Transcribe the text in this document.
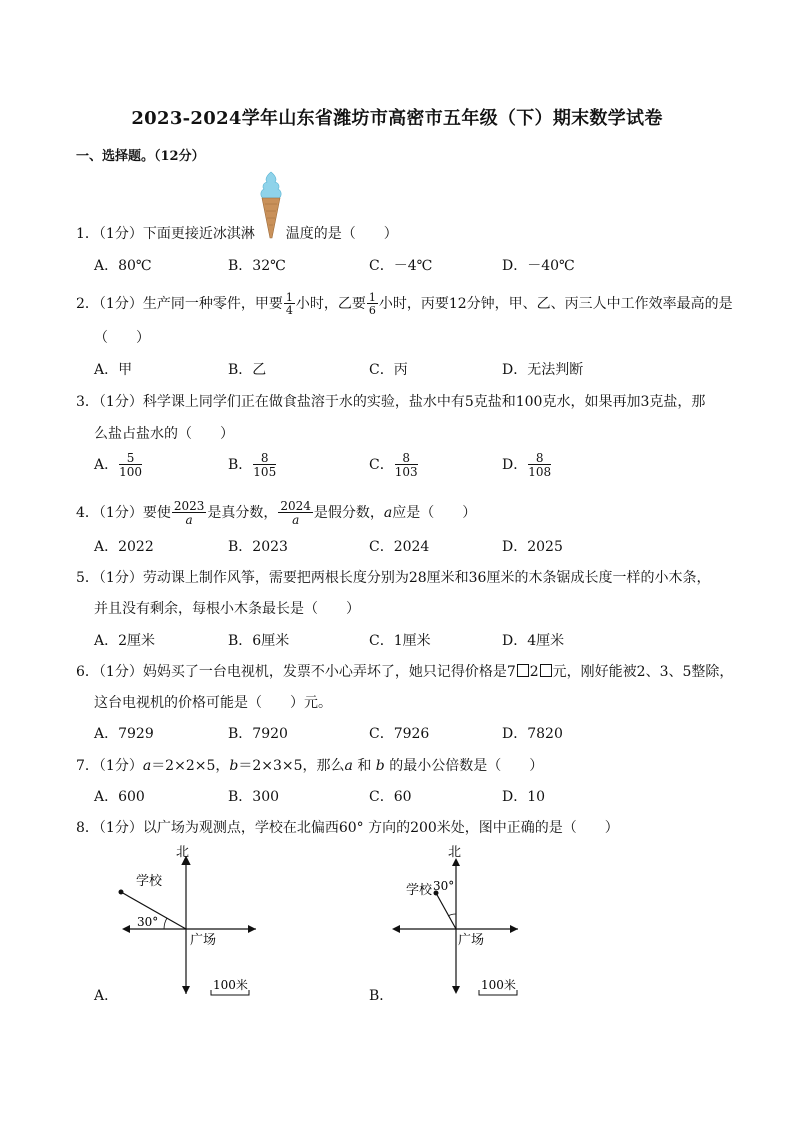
2023-2024学年山东省潍坊市高密市五年级（下）期末数学试卷
一、选择题。（12分）
1．（1分）下面更接近冰淇淋 温度的是（　　）
A．80℃	B．32℃	C．－4℃	D．－40℃
2．（1分）生产同一种零件，甲要 $\frac{1}{4}$ 小时，乙要 $\frac{1}{6}$ 小时，丙要12分钟，甲、乙、丙三人中工作效率最高的是
（　　）
A．甲	B．乙	C．丙	D．无法判断
3．（1分）科学课上同学们正在做食盐溶于水的实验，盐水中有5克盐和100克水，如果再加3克盐，那
么盐占盐水的（　　）
A． $\frac{5}{100}$	B． $\frac{8}{105}$	C． $\frac{8}{103}$	D． $\frac{8}{108}$
4．（1分）要使 $\frac{2023}{a}$ 是真分数， $\frac{2024}{a}$ 是假分数，a应是（　　）
A．2022	B．2023	C．2024	D．2025
5．（1分）劳动课上制作风筝，需要把两根长度分别为28厘米和36厘米的木条锯成长度一样的小木条，
并且没有剩余，每根小木条最长是（　　）
A．2厘米	B．6厘米	C．1厘米	D．4厘米
6．（1分）妈妈买了一台电视机，发票不小心弄坏了，她只记得价格是7 2 元，刚好能被2、3、5整除，
这台电视机的价格可能是（　　）元。
A．7929	B．7920	C．7926	D．7820
7．（1分）a＝2×2×5，b＝2×3×5，那么a 和 b 的最小公倍数是（　　）
A．600	B．300	C．60	D．10
8．（1分）以广场为观测点，学校在北偏西60° 方向的200米处，图中正确的是（　　）
北
学校
30°
广场
100米
A．
北
学校 30°
广场
100米
B．
